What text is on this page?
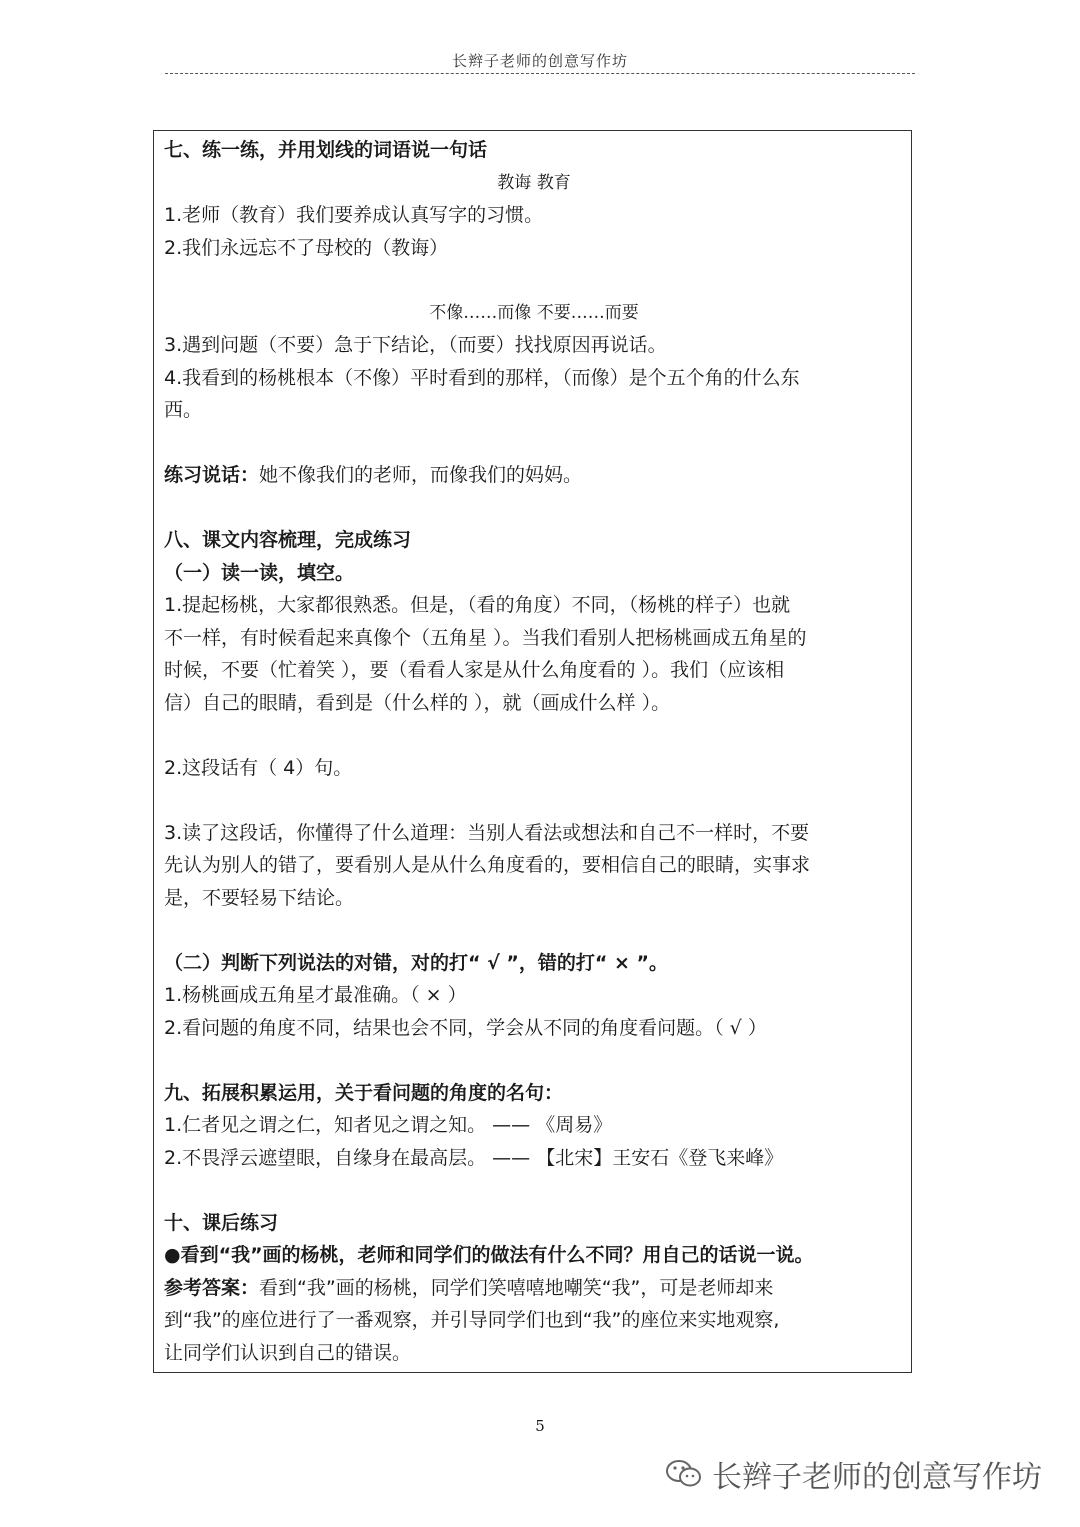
长辫子老师的创意写作坊
七、练一练，并用划线的词语说一句话
教诲 教育
1.老师（教育）我们要养成认真写字的习惯。
2.我们永远忘不了母校的（教诲）
不像……而像 不要……而要
3.遇到问题（不要）急于下结论，（而要）找找原因再说话。
4.我看到的杨桃根本（不像）平时看到的那样，（而像）是个五个角的什么东
西。
练习说话：她不像我们的老师，而像我们的妈妈。
八、课文内容梳理，完成练习
（一）读一读，填空。
1.提起杨桃，大家都很熟悉。但是，（看的角度）不同，（杨桃的样子）也就
不一样，有时候看起来真像个（五角星 ）。当我们看别人把杨桃画成五角星的
时候，不要（忙着笑 ），要（看看人家是从什么角度看的 ）。我们（应该相
信）自己的眼睛，看到是（什么样的 ），就（画成什么样 ）。
2.这段话有（ 4）句。
3.读了这段话，你懂得了什么道理：当别人看法或想法和自己不一样时，不要
先认为别人的错了，要看别人是从什么角度看的，要相信自己的眼睛，实事求
是，不要轻易下结论。
（二）判断下列说法的对错，对的打“ √ ”，错的打“ × ”。
1.杨桃画成五角星才最准确。（ × ）
2.看问题的角度不同，结果也会不同，学会从不同的角度看问题。（ √ ）
九、拓展积累运用，关于看问题的角度的名句：
1.仁者见之谓之仁，知者见之谓之知。 —— 《周易》
2.不畏浮云遮望眼，自缘身在最高层。 —— 【北宋】王安石《登飞来峰》
十、课后练习
●看到“我”画的杨桃，老师和同学们的做法有什么不同？用自己的话说一说。
参考答案：看到“我”画的杨桃，同学们笑嘻嘻地嘲笑“我”，可是老师却来
到“我”的座位进行了一番观察，并引导同学们也到“我”的座位来实地观察,
让同学们认识到自己的错误。
5
长辫子老师的创意写作坊
